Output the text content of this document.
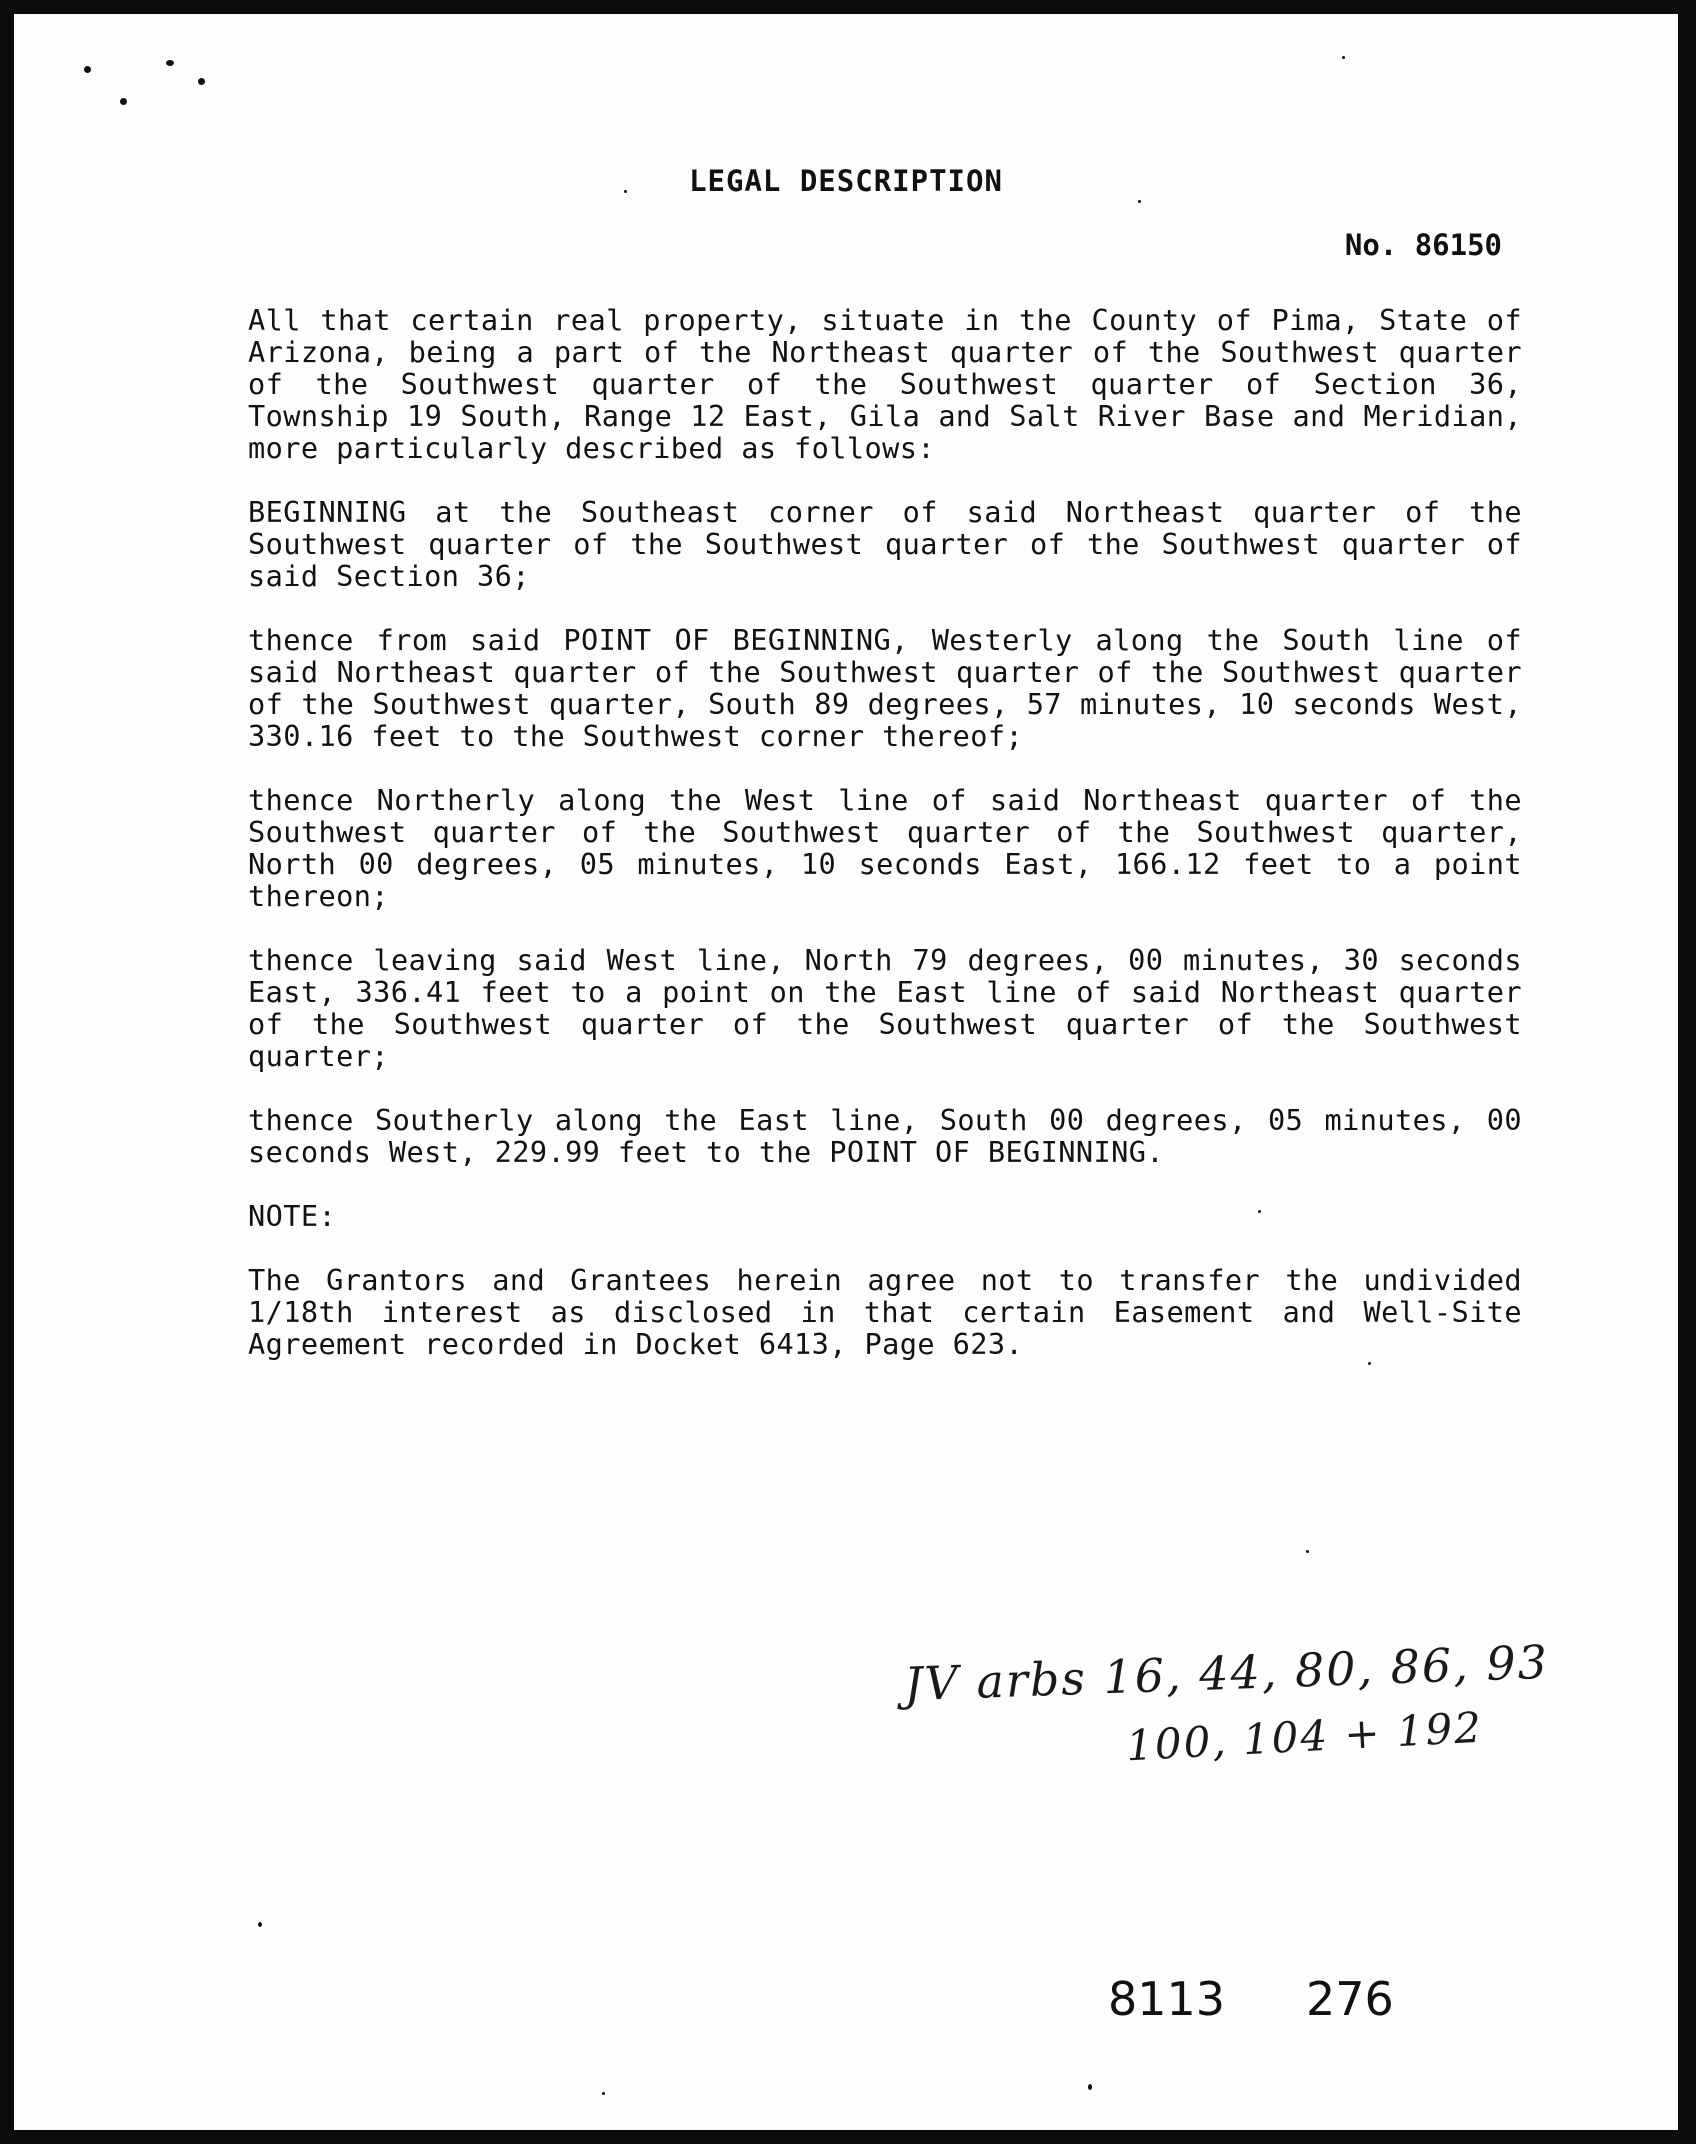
LEGAL DESCRIPTION
No. 86150

All that certain real property, situate in the County of Pima, State of Arizona, being a part of the Northeast quarter of the Southwest quarter of the Southwest quarter of the Southwest quarter of Section 36, Township 19 South, Range 12 East, Gila and Salt River Base and Meridian, more particularly described as follows:

BEGINNING at the Southeast corner of said Northeast quarter of the Southwest quarter of the Southwest quarter of the Southwest quarter of said Section 36;

thence from said POINT OF BEGINNING, Westerly along the South line of said Northeast quarter of the Southwest quarter of the Southwest quarter of the Southwest quarter, South 89 degrees, 57 minutes, 10 seconds West, 330.16 feet to the Southwest corner thereof;

thence Northerly along the West line of said Northeast quarter of the Southwest quarter of the Southwest quarter of the Southwest quarter, North 00 degrees, 05 minutes, 10 seconds East, 166.12 feet to a point thereon;

thence leaving said West line, North 79 degrees, 00 minutes, 30 seconds East, 336.41 feet to a point on the East line of said Northeast quarter of the Southwest quarter of the Southwest quarter of the Southwest quarter;

thence Southerly along the East line, South 00 degrees, 05 minutes, 00 seconds West, 229.99 feet to the POINT OF BEGINNING.

NOTE:

The Grantors and Grantees herein agree not to transfer the undivided 1/18th interest as disclosed in that certain Easement and Well-Site Agreement recorded in Docket 6413, Page 623.

JV arbs 16, 44, 80, 86, 93
100, 104 + 192
8113 276
